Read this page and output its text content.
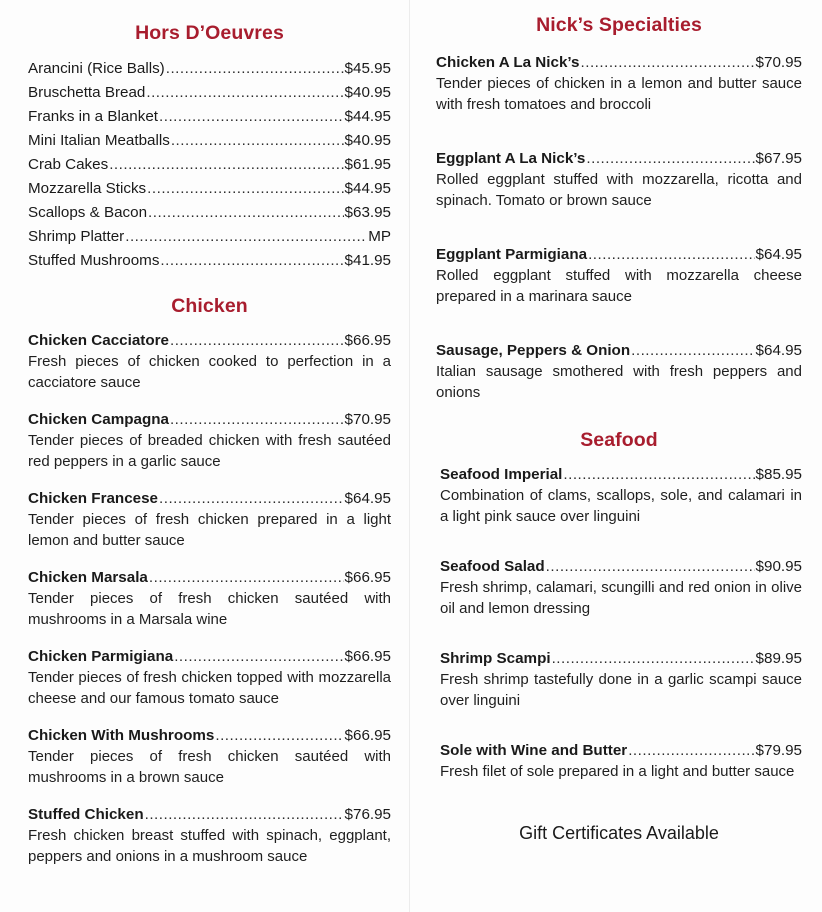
Hors D’Oeuvres
Arancini (Rice Balls) .....	$45.95
Bruschetta Bread .....	$40.95
Franks in a Blanket .....	$44.95
Mini Italian Meatballs .....	$40.95
Crab Cakes .....	$61.95
Mozzarella Sticks .....	$44.95
Scallops & Bacon .....	$63.95
Shrimp Platter .....	MP
Stuffed Mushrooms .....	$41.95
Chicken
Chicken Cacciatore .....	$66.95
Fresh pieces of chicken cooked to perfection in a cacciatore sauce
Chicken Campagna .....	$70.95
Tender pieces of breaded chicken with fresh sautéed red peppers in a garlic sauce
Chicken Francese .....	$64.95
Tender pieces of fresh chicken prepared in a light lemon and butter sauce
Chicken Marsala .....	$66.95
Tender pieces of fresh chicken sautéed with mushrooms in a Marsala wine
Chicken Parmigiana .....	$66.95
Tender pieces of fresh chicken topped with mozzarella cheese and our famous tomato sauce
Chicken With Mushrooms .....	$66.95
Tender pieces of fresh chicken sautéed with mushrooms in a brown sauce
Stuffed Chicken .....	$76.95
Fresh chicken breast stuffed with spinach, eggplant, peppers and onions in a mushroom sauce
Nick’s Specialties
Chicken A La Nick’s .....	$70.95
Tender pieces of chicken in a lemon and butter sauce with fresh tomatoes and broccoli
Eggplant A La Nick’s .....	$67.95
Rolled eggplant stuffed with mozzarella, ricotta and spinach. Tomato or brown sauce
Eggplant Parmigiana .....	$64.95
Rolled eggplant stuffed with mozzarella cheese prepared in a marinara sauce
Sausage, Peppers & Onion .....	$64.95
Italian sausage smothered with fresh peppers and onions
Seafood
Seafood Imperial .....	$85.95
Combination of clams, scallops, sole, and calamari in a light pink sauce over linguini
Seafood Salad .....	$90.95
Fresh shrimp, calamari, scungilli and red onion in olive oil and lemon dressing
Shrimp Scampi .....	$89.95
Fresh shrimp tastefully done in a garlic scampi sauce over linguini
Sole with Wine and Butter .....	$79.95
Fresh filet of sole prepared in a light and butter sauce
Gift Certificates Available
